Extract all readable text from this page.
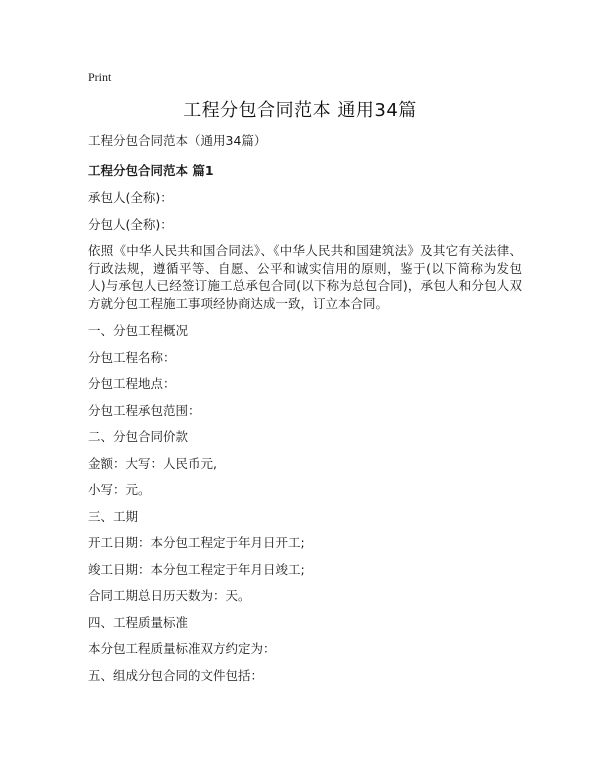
Print
工程分包合同范本 通用34篇

工程分包合同范本（通用34篇）

工程分包合同范本 篇1

承包人(全称)：

分包人(全称)：

依照《中华人民共和国合同法》、《中华人民共和国建筑法》及其它有关法律、行政法规，遵循平等、自愿、公平和诚实信用的原则，鉴于(以下简称为发包人)与承包人已经签订施工总承包合同(以下称为总包合同)，承包人和分包人双方就分包工程施工事项经协商达成一致，订立本合同。

一、分包工程概况

分包工程名称：

分包工程地点：

分包工程承包范围：

二、分包合同价款

金额：大写：人民币元,

小写：元。

三、工期

开工日期：本分包工程定于年月日开工;

竣工日期：本分包工程定于年月日竣工;

合同工期总日历天数为：天。

四、工程质量标准

本分包工程质量标准双方约定为：

五、组成分包合同的文件包括：
